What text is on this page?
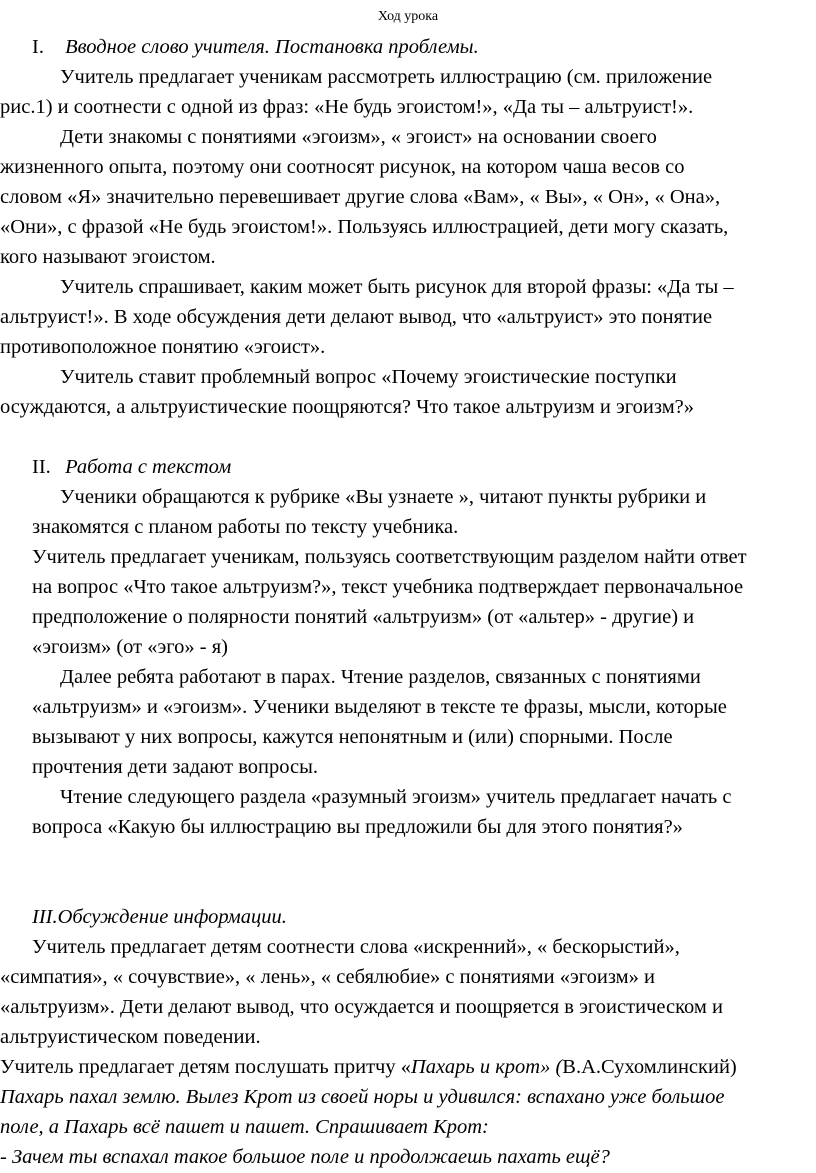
Ход урока
I. Вводное слово учителя. Постановка проблемы.
Учитель предлагает ученикам рассмотреть иллюстрацию (см. приложение
рис.1) и соотнести с одной из фраз: «Не будь эгоистом!», «Да ты – альтруист!».
Дети знакомы с понятиями «эгоизм», « эгоист» на основании своего
жизненного опыта, поэтому они соотносят рисунок, на котором чаша весов со
словом «Я» значительно перевешивает другие слова «Вам», « Вы», « Он», « Она»,
«Они», с фразой «Не будь эгоистом!». Пользуясь иллюстрацией, дети могу сказать,
кого называют эгоистом.
Учитель спрашивает, каким может быть рисунок для второй фразы: «Да ты –
альтруист!». В ходе обсуждения дети делают вывод, что «альтруист» это понятие
противоположное понятию «эгоист».
Учитель ставит проблемный вопрос «Почему эгоистические поступки
осуждаются, а альтруистические поощряются? Что такое альтруизм и эгоизм?»
II. Работа с текстом
Ученики обращаются к рубрике «Вы узнаете », читают пункты рубрики и
знакомятся с планом работы по тексту учебника.
Учитель предлагает ученикам, пользуясь соответствующим разделом найти ответ
на вопрос «Что такое альтруизм?», текст учебника подтверждает первоначальное
предположение о полярности понятий «альтруизм» (от «альтер» - другие) и
«эгоизм» (от «эго» - я)
Далее ребята работают в парах. Чтение разделов, связанных с понятиями
«альтруизм» и «эгоизм». Ученики выделяют в тексте те фразы, мысли, которые
вызывают у них вопросы, кажутся непонятным и (или) спорными. После
прочтения дети задают вопросы.
Чтение следующего раздела «разумный эгоизм» учитель предлагает начать с
вопроса «Какую бы иллюстрацию вы предложили бы для этого понятия?»
III.Обсуждение информации.
Учитель предлагает детям соотнести слова «искренний», « бескорыстий»,
«симпатия», « сочувствие», « лень», « себялюбие» с понятиями «эгоизм» и
«альтруизм». Дети делают вывод, что осуждается и поощряется в эгоистическом и
альтруистическом поведении.
Учитель предлагает детям послушать притчу «Пахарь и крот» (В.А.Сухомлинский)
Пахарь пахал землю. Вылез Крот из своей норы и удивился: вспахано уже большое
поле, а Пахарь всё пашет и пашет. Спрашивает Крот:
- Зачем ты вспахал такое большое поле и продолжаешь пахать ещё?
